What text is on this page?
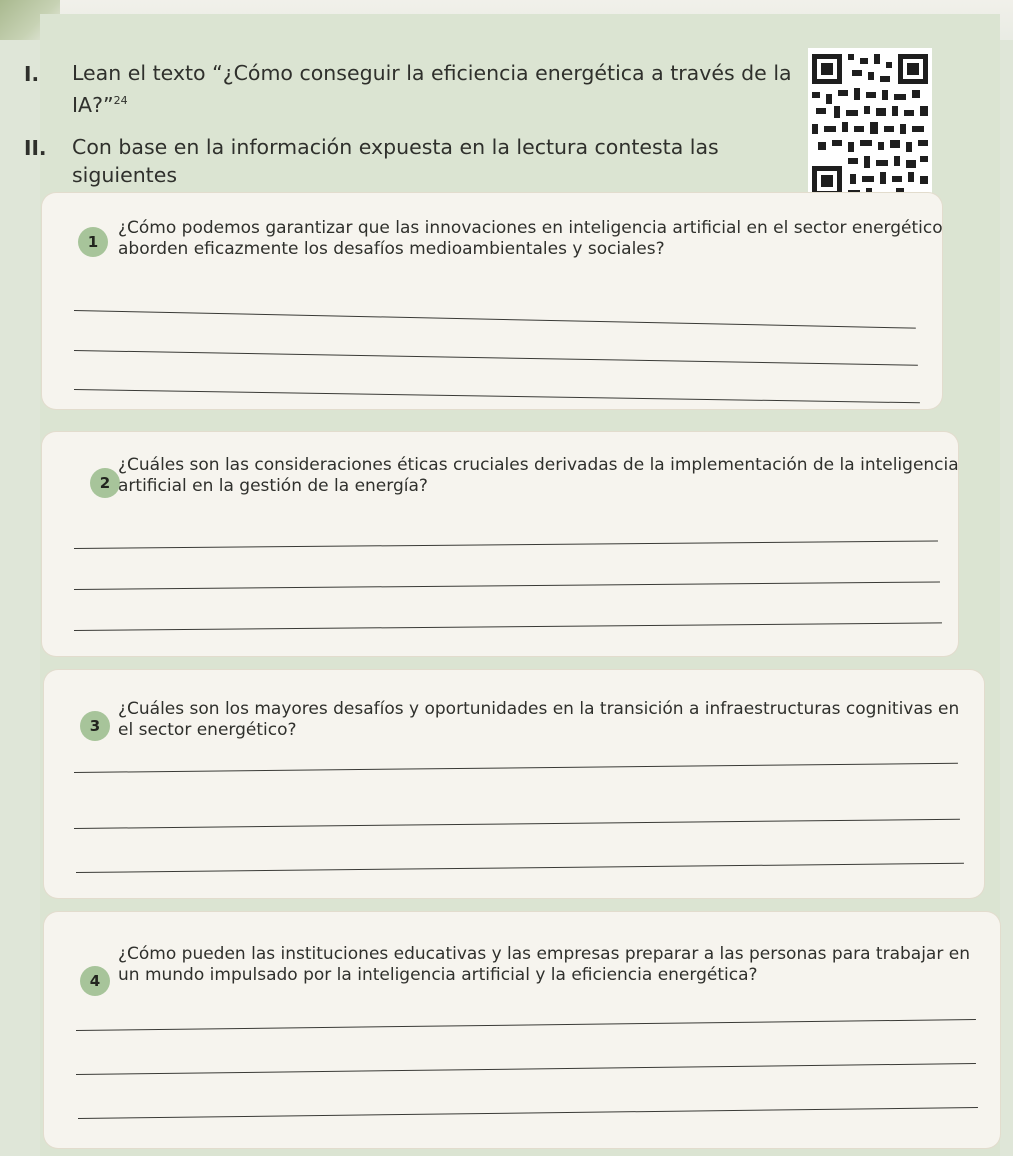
I. Lean el texto “¿Cómo conseguir la eficiencia energética a través de la
IA?”$^{24}$
II. Con base en la información expuesta en la lectura contesta las siguientes

1
¿Cómo podemos garantizar que las innovaciones en inteligencia artificial en el sector energético
aborden eficazmente los desafíos medioambientales y sociales?
2
¿Cuáles son las consideraciones éticas cruciales derivadas de la implementación de la inteligencia
artificial en la gestión de la energía?
3
¿Cuáles son los mayores desafíos y oportunidades en la transición a infraestructuras cognitivas en
el sector energético?
4
¿Cómo pueden las instituciones educativas y las empresas preparar a las personas para trabajar en
un mundo impulsado por la inteligencia artificial y la eficiencia energética?
